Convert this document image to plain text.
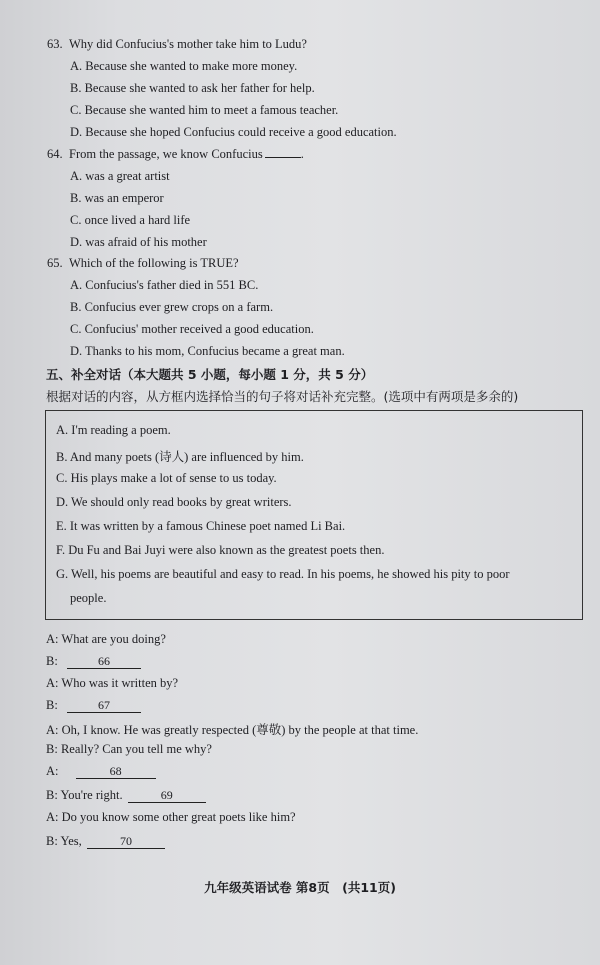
63. Why did Confucius's mother take him to Ludu?
A. Because she wanted to make more money.
B. Because she wanted to ask her father for help.
C. Because she wanted him to meet a famous teacher.
D. Because she hoped Confucius could receive a good education.
64. From the passage, we know Confucius	.
A. was a great artist
B. was an emperor
C. once lived a hard life
D. was afraid of his mother
65. Which of the following is TRUE?
A. Confucius's father died in 551 BC.
B. Confucius ever grew crops on a farm.
C. Confucius' mother received a good education.
D. Thanks to his mom, Confucius became a great man.
五、补全对话（本大题共 5 小题，每小题 1 分，共 5 分）
根据对话的内容，从方框内选择恰当的句子将对话补充完整。(选项中有两项是多余的)
A. I'm reading a poem.
B. And many poets (诗人) are influenced by him.
C. His plays make a lot of sense to us today.
D. We should only read books by great writers.
E. It was written by a famous Chinese poet named Li Bai.
F. Du Fu and Bai Juyi were also known as the greatest poets then.
G. Well, his poems are beautiful and easy to read. In his poems, he showed his pity to poor
people.
A: What are you doing?
B:	66
A: Who was it written by?
B:	67
A: Oh, I know. He was greatly respected (尊敬) by the people at that time.
B: Really? Can you tell me why?
A:	68
B: You're right.	69
A: Do you know some other great poets like him?
B: Yes,	70
九年级英语试卷 第8页　(共11页)
